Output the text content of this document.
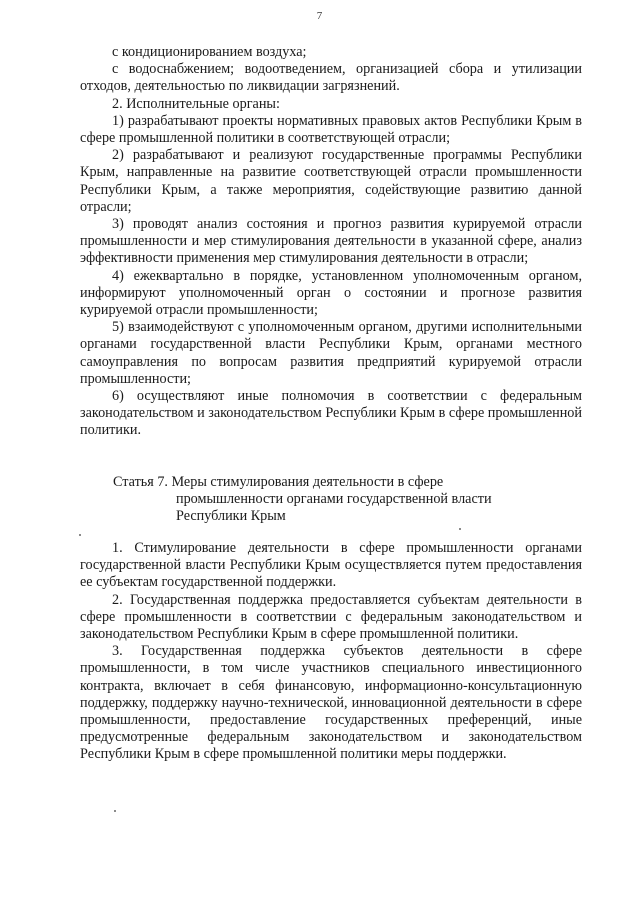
7

с кондиционированием воздуха;

с водоснабжением; водоотведением, организацией сбора и утилизации отходов, деятельностью по ликвидации загрязнений.

2. Исполнительные органы:

1) разрабатывают проекты нормативных правовых актов Республики Крым в сфере промышленной политики в соответствующей отрасли;

2) разрабатывают и реализуют государственные программы Республики Крым, направленные на развитие соответствующей отрасли промышленности Республики Крым, а также мероприятия, содействующие развитию данной отрасли;

3) проводят анализ состояния и прогноз развития курируемой отрасли промышленности и мер стимулирования деятельности в указанной сфере, анализ эффективности применения мер стимулирования деятельности в отрасли;

4) ежеквартально в порядке, установленном уполномоченным органом, информируют уполномоченный орган о состоянии и прогнозе развития курируемой отрасли промышленности;

5) взаимодействуют с уполномоченным органом, другими исполнительными органами государственной власти Республики Крым, органами местного самоуправления по вопросам развития предприятий курируемой отрасли промышленности;

6) осуществляют иные полномочия в соответствии с федеральным законодательством и законодательством Республики Крым в сфере промышленной политики.

Статья 7. Меры стимулирования деятельности в сфере
промышленности органами государственной власти
Республики Крым

1. Стимулирование деятельности в сфере промышленности органами государственной власти Республики Крым осуществляется путем предоставления ее субъектам государственной поддержки.

2. Государственная поддержка предоставляется субъектам деятельности в сфере промышленности в соответствии с федеральным законодательством и законодательством Республики Крым в сфере промышленной политики.

3. Государственная поддержка субъектов деятельности в сфере промышленности, в том числе участников специального инвестиционного контракта, включает в себя финансовую, информационно-консультационную поддержку, поддержку научно-технической, инновационной деятельности в сфере промышленности, предоставление государственных преференций, иные предусмотренные федеральным законодательством и законодательством Республики Крым в сфере промышленной политики меры поддержки.
